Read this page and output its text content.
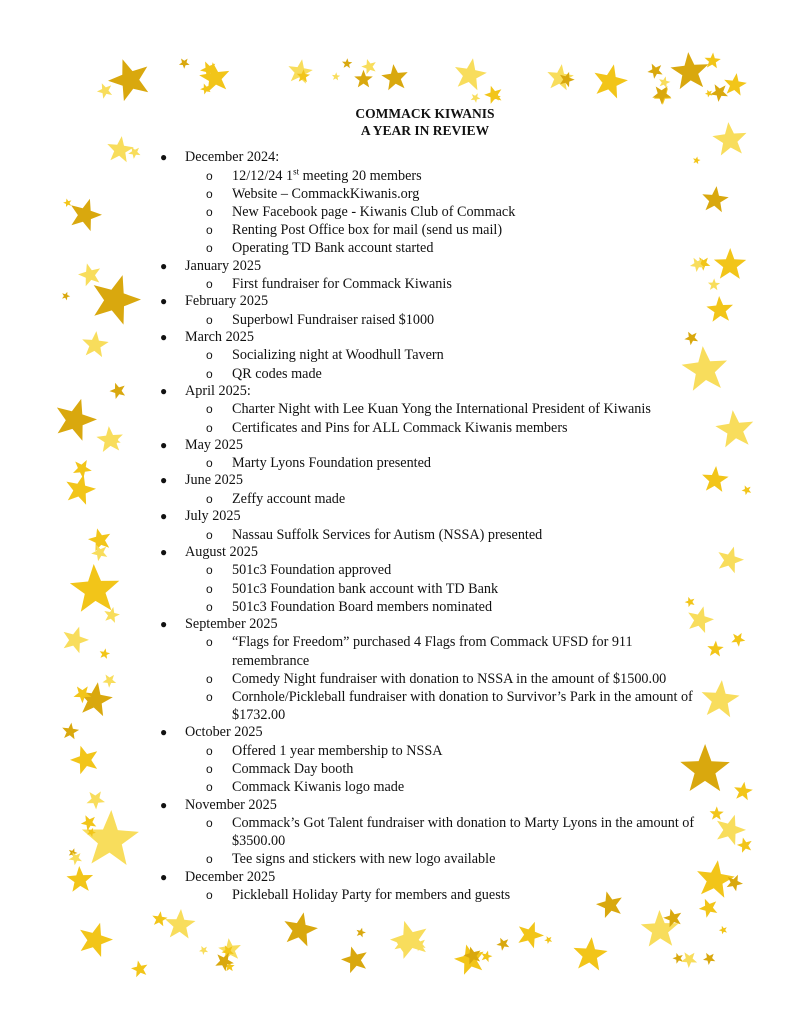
COMMACK KIWANIS
A YEAR IN REVIEW
● December 2024:
o 12/12/24 1st meeting 20 members
o Website – CommackKiwanis.org
o New Facebook page - Kiwanis Club of Commack
o Renting Post Office box for mail (send us mail)
o Operating TD Bank account started
● January 2025
o First fundraiser for Commack Kiwanis
● February 2025
o Superbowl Fundraiser raised $1000
● March 2025
o Socializing night at Woodhull Tavern
o QR codes made
● April 2025:
o Charter Night with Lee Kuan Yong the International President of Kiwanis
o Certificates and Pins for ALL Commack Kiwanis members
● May 2025
o Marty Lyons Foundation presented
● June 2025
o Zeffy account made
● July 2025
o Nassau Suffolk Services for Autism (NSSA) presented
● August 2025
o 501c3 Foundation approved
o 501c3 Foundation bank account with TD Bank
o 501c3 Foundation Board members nominated
● September 2025
o “Flags for Freedom” purchased 4 Flags from Commack UFSD for 911 remembrance
o Comedy Night fundraiser with donation to NSSA in the amount of $1500.00
o Cornhole/Pickleball fundraiser with donation to Survivor’s Park in the amount of $1732.00
● October 2025
o Offered 1 year membership to NSSA
o Commack Day booth
o Commack Kiwanis logo made
● November 2025
o Commack’s Got Talent fundraiser with donation to Marty Lyons in the amount of $3500.00
o Tee signs and stickers with new logo available
● December 2025
o Pickleball Holiday Party for members and guests
